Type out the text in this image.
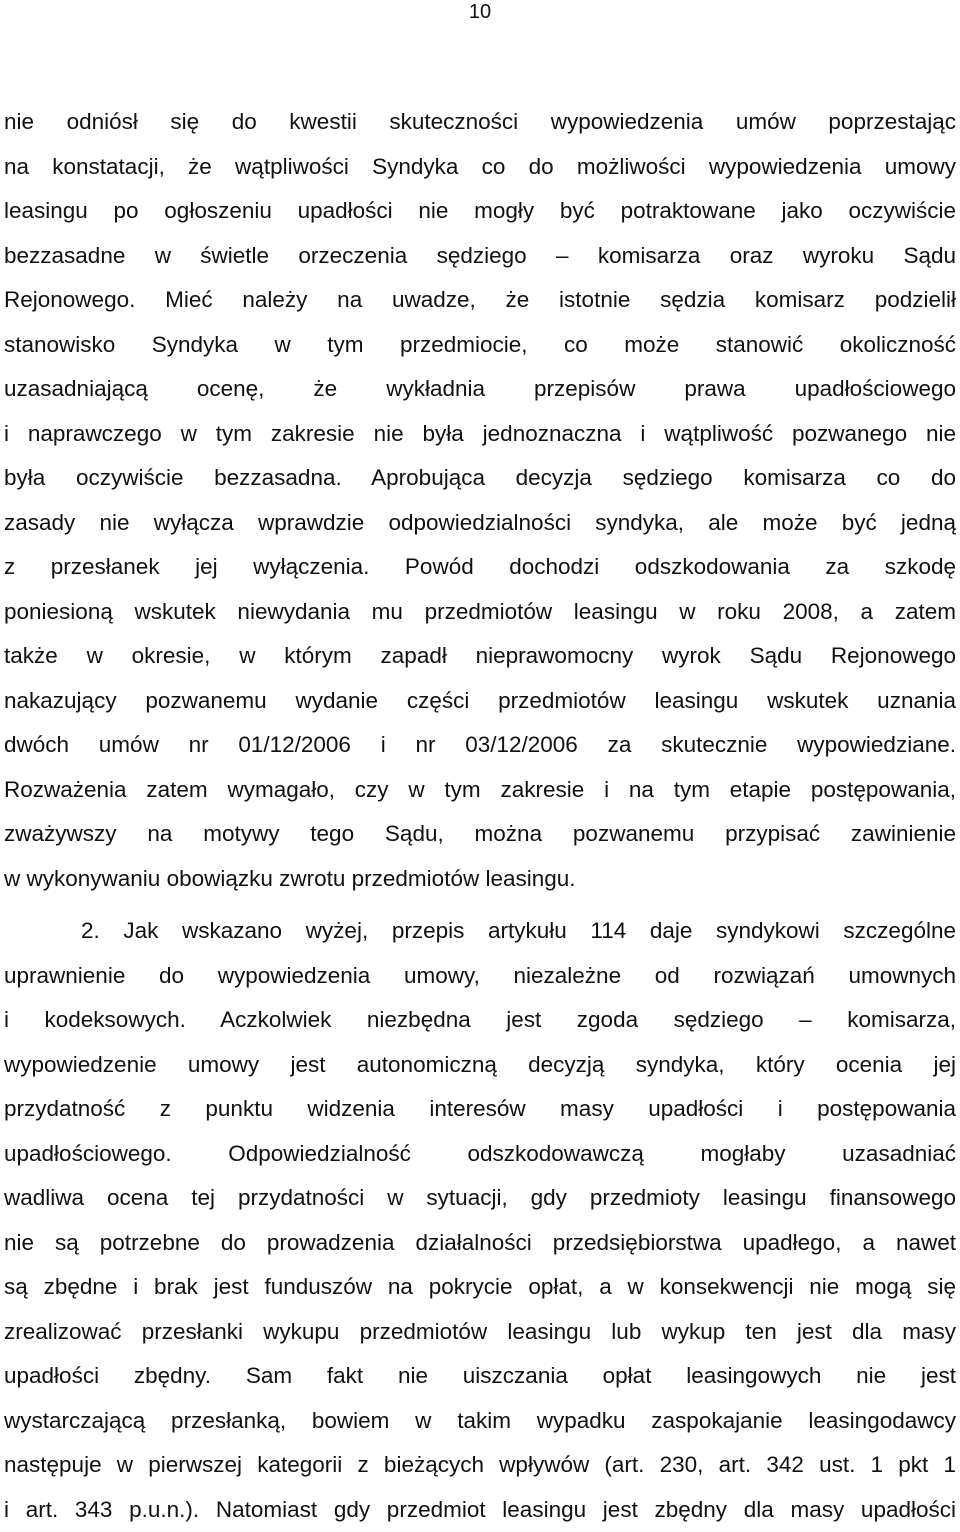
10
nie odniósł się do kwestii skuteczności wypowiedzenia umów poprzestając
na konstatacji, że wątpliwości Syndyka co do możliwości wypowiedzenia umowy
leasingu po ogłoszeniu upadłości nie mogły być potraktowane jako oczywiście
bezzasadne w świetle orzeczenia sędziego – komisarza oraz wyroku Sądu
Rejonowego. Mieć należy na uwadze, że istotnie sędzia komisarz podzielił
stanowisko Syndyka w tym przedmiocie, co może stanowić okoliczność
uzasadniającą ocenę, że wykładnia przepisów prawa upadłościowego
i naprawczego w tym zakresie nie była jednoznaczna i wątpliwość pozwanego nie
była oczywiście bezzasadna. Aprobująca decyzja sędziego komisarza co do
zasady nie wyłącza wprawdzie odpowiedzialności syndyka, ale może być jedną
z przesłanek jej wyłączenia. Powód dochodzi odszkodowania za szkodę
poniesioną wskutek niewydania mu przedmiotów leasingu w roku 2008, a zatem
także w okresie, w którym zapadł nieprawomocny wyrok Sądu Rejonowego
nakazujący pozwanemu wydanie części przedmiotów leasingu wskutek uznania
dwóch umów nr 01/12/2006 i nr 03/12/2006 za skutecznie wypowiedziane.
Rozważenia zatem wymagało, czy w tym zakresie i na tym etapie postępowania,
zważywszy na motywy tego Sądu, można pozwanemu przypisać zawinienie
w wykonywaniu obowiązku zwrotu przedmiotów leasingu.
2. Jak wskazano wyżej, przepis artykułu 114 daje syndykowi szczególne
uprawnienie do wypowiedzenia umowy, niezależne od rozwiązań umownych
i kodeksowych. Aczkolwiek niezbędna jest zgoda sędziego – komisarza,
wypowiedzenie umowy jest autonomiczną decyzją syndyka, który ocenia jej
przydatność z punktu widzenia interesów masy upadłości i postępowania
upadłościowego. Odpowiedzialność odszkodowawczą mogłaby uzasadniać
wadliwa ocena tej przydatności w sytuacji, gdy przedmioty leasingu finansowego
nie są potrzebne do prowadzenia działalności przedsiębiorstwa upadłego, a nawet
są zbędne i brak jest funduszów na pokrycie opłat, a w konsekwencji nie mogą się
zrealizować przesłanki wykupu przedmiotów leasingu lub wykup ten jest dla masy
upadłości zbędny. Sam fakt nie uiszczania opłat leasingowych nie jest
wystarczającą przesłanką, bowiem w takim wypadku zaspokajanie leasingodawcy
następuje w pierwszej kategorii z bieżących wpływów (art. 230, art. 342 ust. 1 pkt 1
i art. 343 p.u.n.). Natomiast gdy przedmiot leasingu jest zbędny dla masy upadłości
